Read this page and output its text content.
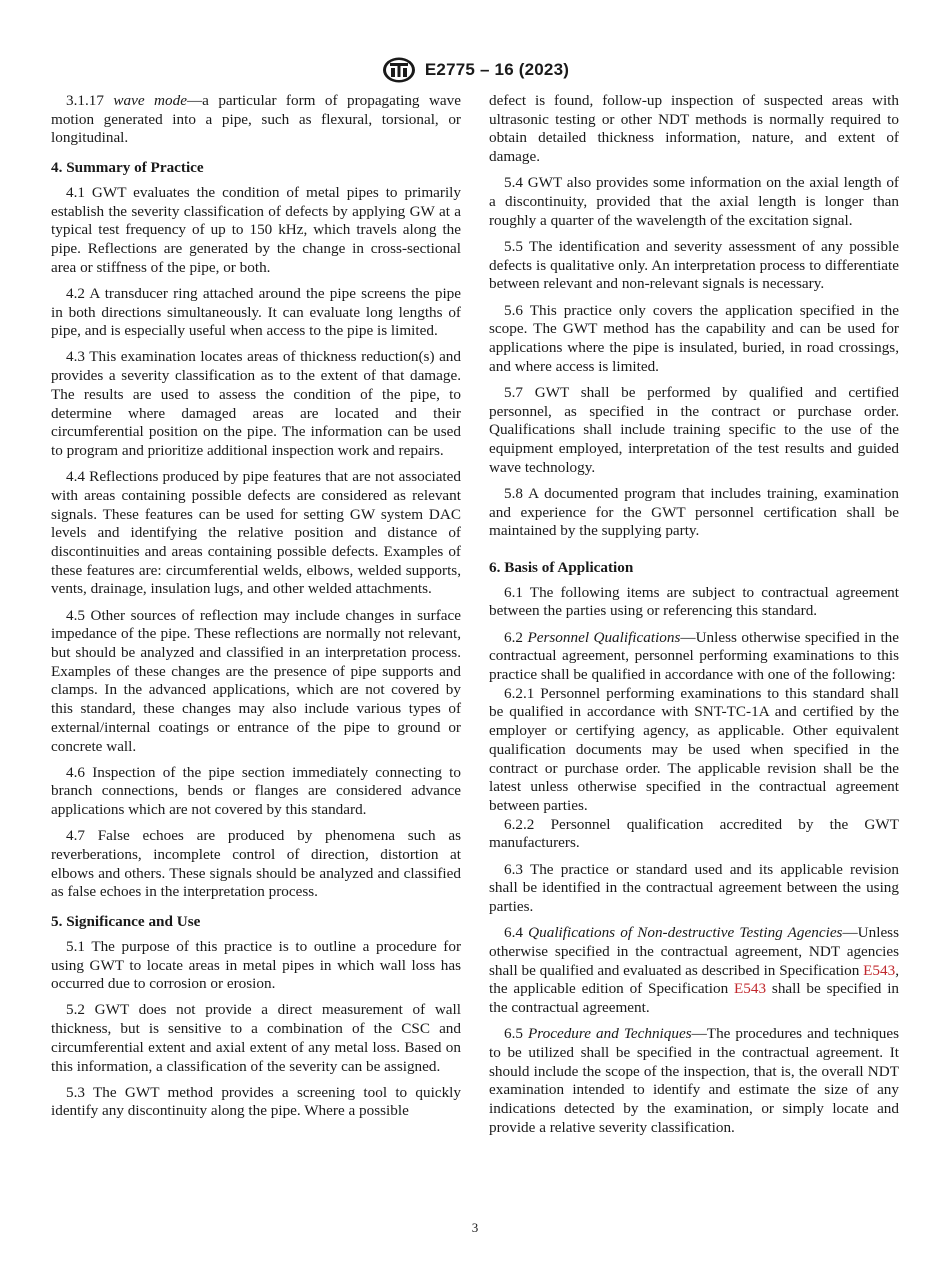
E2775 – 16 (2023)

3.1.17 wave mode—a particular form of propagating wave motion generated into a pipe, such as flexural, torsional, or longitudinal.

4. Summary of Practice

4.1 GWT evaluates the condition of metal pipes to primarily establish the severity classification of defects by applying GW at a typical test frequency of up to 150 kHz, which travels along the pipe. Reflections are generated by the change in cross-sectional area or stiffness of the pipe, or both.

4.2 A transducer ring attached around the pipe screens the pipe in both directions simultaneously. It can evaluate long lengths of pipe, and is especially useful when access to the pipe is limited.

4.3 This examination locates areas of thickness reduction(s) and provides a severity classification as to the extent of that damage. The results are used to assess the condition of the pipe, to determine where damaged areas are located and their circumferential position on the pipe. The information can be used to program and prioritize additional inspection work and repairs.

4.4 Reflections produced by pipe features that are not associated with areas containing possible defects are considered as relevant signals. These features can be used for setting GW system DAC levels and identifying the relative position and distance of discontinuities and areas containing possible defects. Examples of these features are: circumferential welds, elbows, welded supports, vents, drainage, insulation lugs, and other welded attachments.

4.5 Other sources of reflection may include changes in surface impedance of the pipe. These reflections are normally not relevant, but should be analyzed and classified in an interpretation process. Examples of these changes are the presence of pipe supports and clamps. In the advanced applications, which are not covered by this standard, these changes may also include various types of external/internal coatings or entrance of the pipe to ground or concrete wall.

4.6 Inspection of the pipe section immediately connecting to branch connections, bends or flanges are considered advance applications which are not covered by this standard.

4.7 False echoes are produced by phenomena such as reverberations, incomplete control of direction, distortion at elbows and others. These signals should be analyzed and classified as false echoes in the interpretation process.

5. Significance and Use

5.1 The purpose of this practice is to outline a procedure for using GWT to locate areas in metal pipes in which wall loss has occurred due to corrosion or erosion.

5.2 GWT does not provide a direct measurement of wall thickness, but is sensitive to a combination of the CSC and circumferential extent and axial extent of any metal loss. Based on this information, a classification of the severity can be assigned.

5.3 The GWT method provides a screening tool to quickly identify any discontinuity along the pipe. Where a possible

defect is found, follow-up inspection of suspected areas with ultrasonic testing or other NDT methods is normally required to obtain detailed thickness information, nature, and extent of damage.

5.4 GWT also provides some information on the axial length of a discontinuity, provided that the axial length is longer than roughly a quarter of the wavelength of the excitation signal.

5.5 The identification and severity assessment of any possible defects is qualitative only. An interpretation process to differentiate between relevant and non-relevant signals is necessary.

5.6 This practice only covers the application specified in the scope. The GWT method has the capability and can be used for applications where the pipe is insulated, buried, in road crossings, and where access is limited.

5.7 GWT shall be performed by qualified and certified personnel, as specified in the contract or purchase order. Qualifications shall include training specific to the use of the equipment employed, interpretation of the test results and guided wave technology.

5.8 A documented program that includes training, examination and experience for the GWT personnel certification shall be maintained by the supplying party.

6. Basis of Application

6.1 The following items are subject to contractual agreement between the parties using or referencing this standard.

6.2 Personnel Qualifications—Unless otherwise specified in the contractual agreement, personnel performing examinations to this practice shall be qualified in accordance with one of the following:

6.2.1 Personnel performing examinations to this standard shall be qualified in accordance with SNT-TC-1A and certified by the employer or certifying agency, as applicable. Other equivalent qualification documents may be used when specified in the contract or purchase order. The applicable revision shall be the latest unless otherwise specified in the contractual agreement between parties.

6.2.2 Personnel qualification accredited by the GWT manufacturers.

6.3 The practice or standard used and its applicable revision shall be identified in the contractual agreement between the using parties.

6.4 Qualifications of Non-destructive Testing Agencies—Unless otherwise specified in the contractual agreement, NDT agencies shall be qualified and evaluated as described in Specification E543, the applicable edition of Specification E543 shall be specified in the contractual agreement.

6.5 Procedure and Techniques—The procedures and techniques to be utilized shall be specified in the contractual agreement. It should include the scope of the inspection, that is, the overall NDT examination intended to identify and estimate the size of any indications detected by the examination, or simply locate and provide a relative severity classification.

3
